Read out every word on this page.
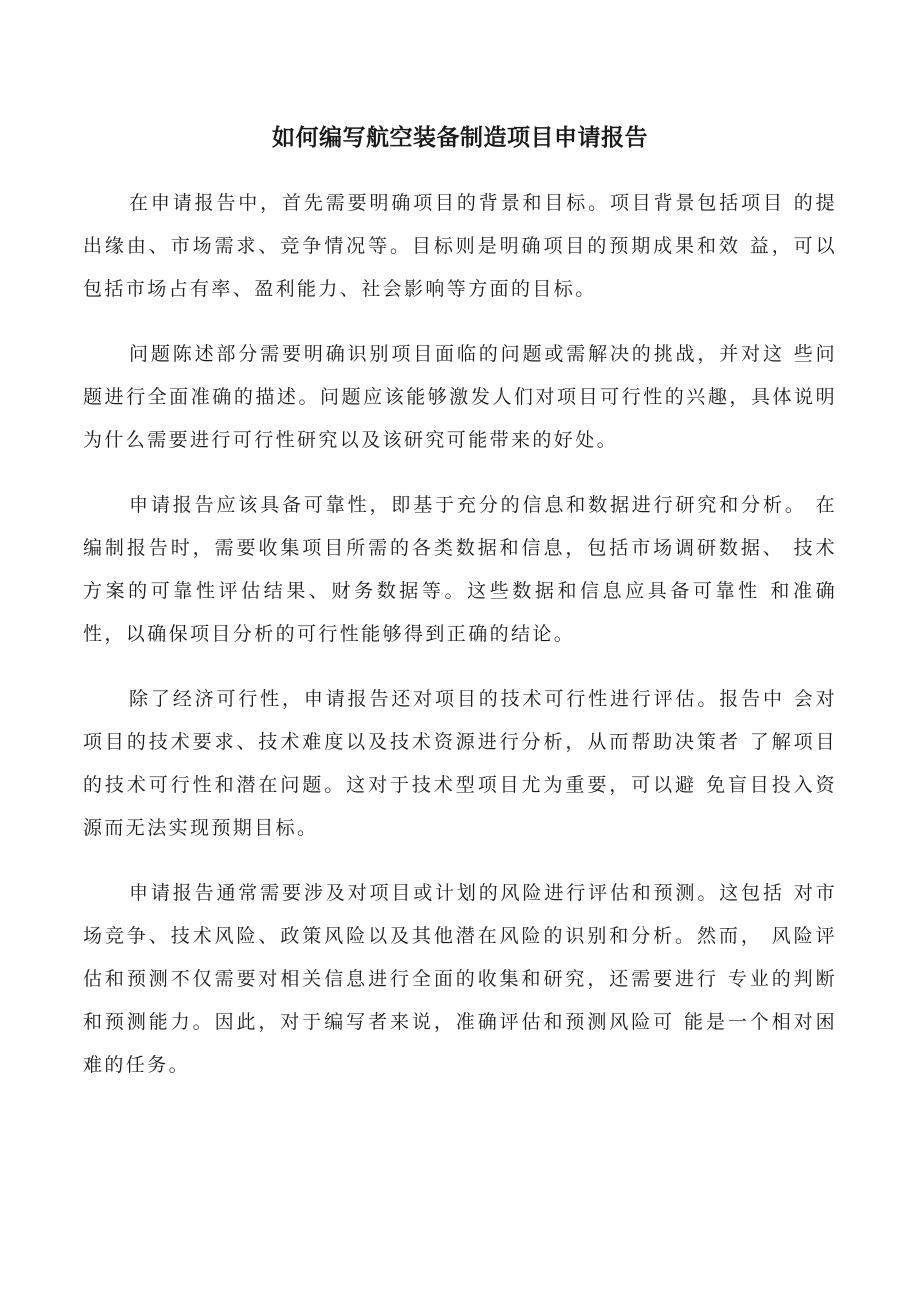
如何编写航空装备制造项目申请报告

在申请报告中，首先需要明确项目的背景和目标。项目背景包括项目 的提出缘由、市场需求、竞争情况等。目标则是明确项目的预期成果和效 益，可以包括市场占有率、盈利能力、社会影响等方面的目标。

问题陈述部分需要明确识别项目面临的问题或需解决的挑战，并对这 些问题进行全面准确的描述。问题应该能够激发人们对项目可行性的兴趣，具体说明为什么需要进行可行性研究以及该研究可能带来的好处。

申请报告应该具备可靠性，即基于充分的信息和数据进行研究和分析。 在编制报告时，需要收集项目所需的各类数据和信息，包括市场调研数据、 技术方案的可靠性评估结果、财务数据等。这些数据和信息应具备可靠性 和准确性，以确保项目分析的可行性能够得到正确的结论。

除了经济可行性，申请报告还对项目的技术可行性进行评估。报告中 会对项目的技术要求、技术难度以及技术资源进行分析，从而帮助决策者 了解项目的技术可行性和潜在问题。这对于技术型项目尤为重要，可以避 免盲目投入资源而无法实现预期目标。

申请报告通常需要涉及对项目或计划的风险进行评估和预测。这包括 对市场竞争、技术风险、政策风险以及其他潜在风险的识别和分析。然而， 风险评估和预测不仅需要对相关信息进行全面的收集和研究，还需要进行 专业的判断和预测能力。因此，对于编写者来说，准确评估和预测风险可 能是一个相对困难的任务。
